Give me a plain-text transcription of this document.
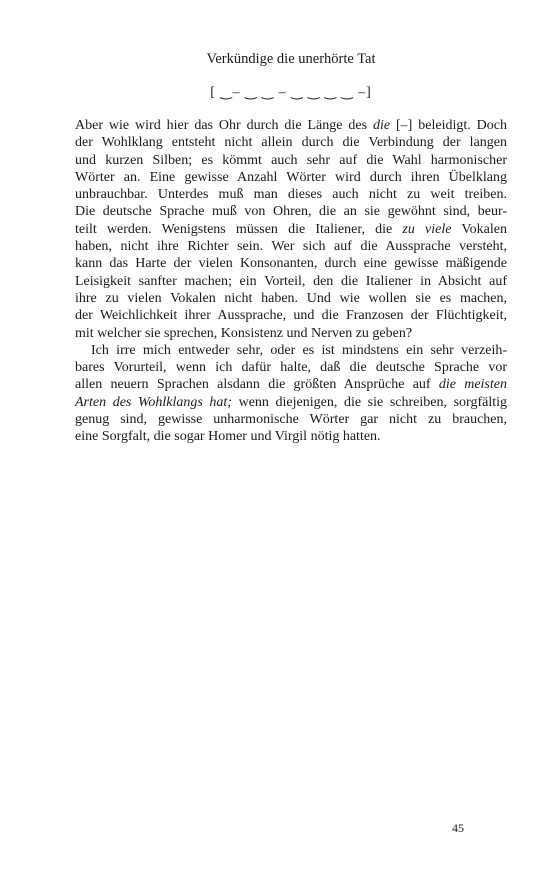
Verkündige die unerhörte Tat
[ ‿– ‿ ‿ – ‿ ‿ ‿ ‿ –]
Aber wie wird hier das Ohr durch die Länge des die [–] beleidigt. Doch
der Wohlklang entsteht nicht allein durch die Verbindung der langen
und kurzen Silben; es kömmt auch sehr auf die Wahl harmonischer
Wörter an. Eine gewisse Anzahl Wörter wird durch ihren Übelklang
unbrauchbar. Unterdes muß man dieses auch nicht zu weit treiben.
Die deutsche Sprache muß von Ohren, die an sie gewöhnt sind, beur-
teilt werden. Wenigstens müssen die Italiener, die zu viele Vokalen
haben, nicht ihre Richter sein. Wer sich auf die Aussprache versteht,
kann das Harte der vielen Konsonanten, durch eine gewisse mäßigende
Leisigkeit sanfter machen; ein Vorteil, den die Italiener in Absicht auf
ihre zu vielen Vokalen nicht haben. Und wie wollen sie es machen,
der Weichlichkeit ihrer Aussprache, und die Franzosen der Flüchtigkeit,
mit welcher sie sprechen, Konsistenz und Nerven zu geben?
Ich irre mich entweder sehr, oder es ist mindstens ein sehr verzeih-
bares Vorurteil, wenn ich dafür halte, daß die deutsche Sprache vor
allen neuern Sprachen alsdann die größten Ansprüche auf die meisten
Arten des Wohlklangs hat; wenn diejenigen, die sie schreiben, sorgfältig
genug sind, gewisse unharmonische Wörter gar nicht zu brauchen,
eine Sorgfalt, die sogar Homer und Virgil nötig hatten.
45
